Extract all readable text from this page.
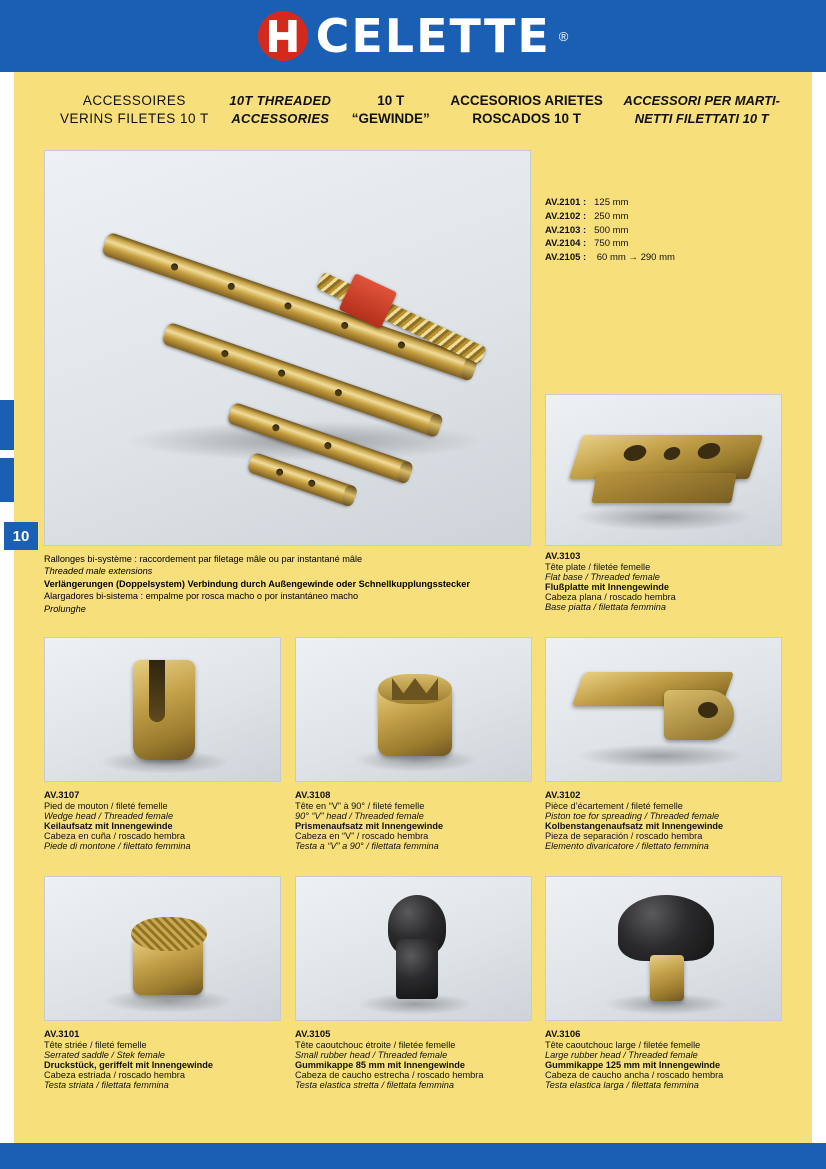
CELETTE ®
10
ACCESSOIRES
VERINS FILETES 10 T
10T THREADED
ACCESSORIES
10 T
“GEWINDE”
ACCESORIOS ARIETES
ROSCADOS 10 T
ACCESSORI PER MARTI-
NETTI FILETTATI 10 T
AV.2101 : 125 mm
AV.2102 : 250 mm
AV.2103 : 500 mm
AV.2104 : 750 mm
AV.2105 : 60 mm → 290 mm
Rallonges bi-système : raccordement par filetage mâle ou par instantané mâle
Threaded male extensions
Verlängerungen (Doppelsystem) Verbindung durch Außengewinde oder Schnellkupplungsstecker
Alargadores bi-sistema : empalme por rosca macho o por instantáneo macho
Prolunghe
AV.3103
Tête plate / filetée femelle
Flat base / Threaded female
Flußplatte mit Innengewinde
Cabeza plana / roscado hembra
Base piatta / filettata femmina
AV.3107
Pied de mouton / fileté femelle
Wedge head / Threaded female
Keilaufsatz mit Innengewinde
Cabeza en cuña / roscado hembra
Piede di montone / filettato femmina
AV.3108
Tête en “V” à 90° / fileté femelle
90° “V” head / Threaded female
Prismenaufsatz mit Innengewinde
Cabeza en “V” / roscado hembra
Testa a “V” a 90° / filettata femmina
AV.3102
Pièce d’écartement / fileté femelle
Piston toe for spreading / Threaded female
Kolbenstangenaufsatz mit Innengewinde
Pieza de separación / roscado hembra
Elemento divaricatore / filettato femmina
AV.3101
Tête striée / fileté femelle
Serrated saddle / Stek female
Druckstück, geriffelt mit Innengewinde
Cabeza estriada / roscado hembra
Testa striata / filettata femmina
AV.3105
Tête caoutchouc étroite / filetée femelle
Small rubber head / Threaded female
Gummikappe 85 mm mit Innengewinde
Cabeza de caucho estrecha / roscado hembra
Testa elastica stretta / filettata femmina
AV.3106
Tête caoutchouc large / filetée femelle
Large rubber head / Threaded female
Gummikappe 125 mm mit Innengewinde
Cabeza de caucho ancha / roscado hembra
Testa elastica larga / filettata femmina
